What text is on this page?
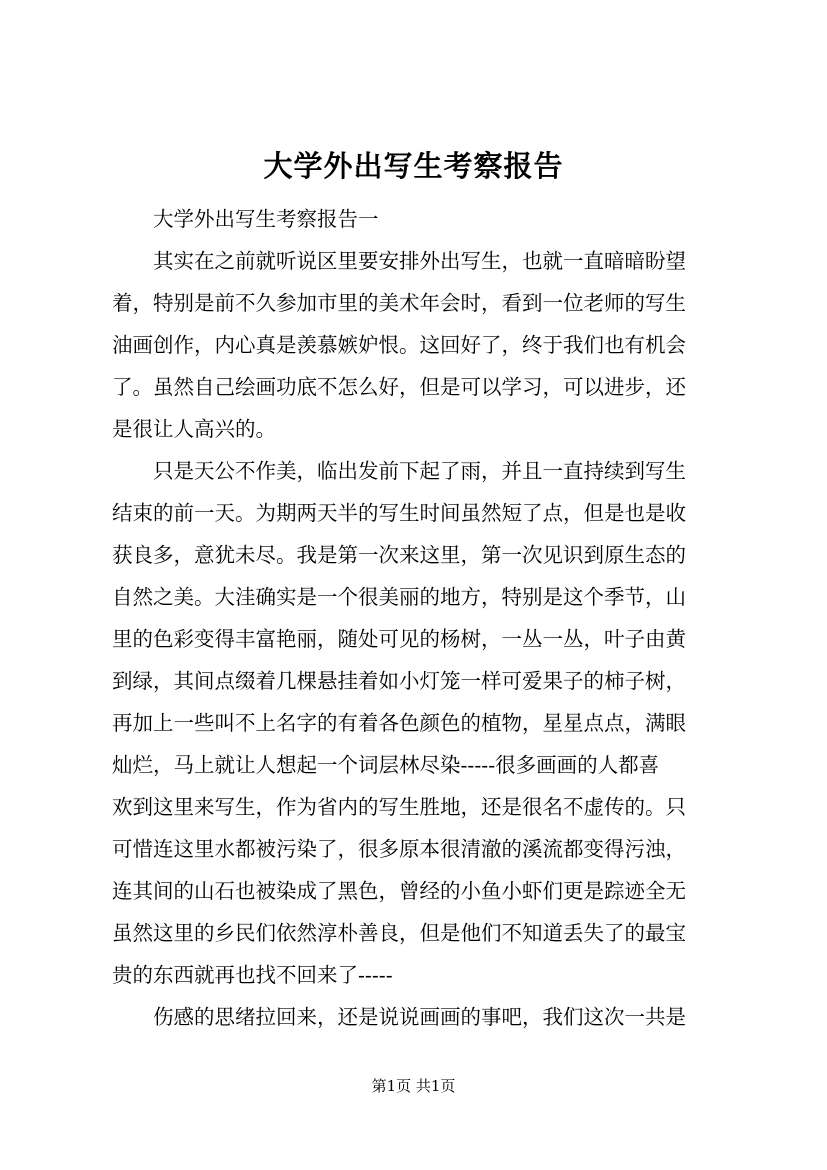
大学外出写生考察报告

大学外出写生考察报告一

其实在之前就听说区里要安排外出写生，也就一直暗暗盼望
着，特别是前不久参加市里的美术年会时，看到一位老师的写生
油画创作，内心真是羡慕嫉妒恨。这回好了，终于我们也有机会
了。虽然自己绘画功底不怎么好，但是可以学习，可以进步，还
是很让人高兴的。

只是天公不作美，临出发前下起了雨，并且一直持续到写生
结束的前一天。为期两天半的写生时间虽然短了点，但是也是收
获良多，意犹未尽。我是第一次来这里，第一次见识到原生态的
自然之美。大洼确实是一个很美丽的地方，特别是这个季节，山
里的色彩变得丰富艳丽，随处可见的杨树，一丛一丛，叶子由黄
到绿，其间点缀着几棵悬挂着如小灯笼一样可爱果子的柿子树，
再加上一些叫不上名字的有着各色颜色的植物，星星点点，满眼
灿烂，马上就让人想起一个词层林尽染-----很多画画的人都喜
欢到这里来写生，作为省内的写生胜地，还是很名不虚传的。只
可惜连这里水都被污染了，很多原本很清澈的溪流都变得污浊，
连其间的山石也被染成了黑色，曾经的小鱼小虾们更是踪迹全无
虽然这里的乡民们依然淳朴善良，但是他们不知道丢失了的最宝
贵的东西就再也找不回来了-----

伤感的思绪拉回来，还是说说画画的事吧，我们这次一共是

第1页 共1页
